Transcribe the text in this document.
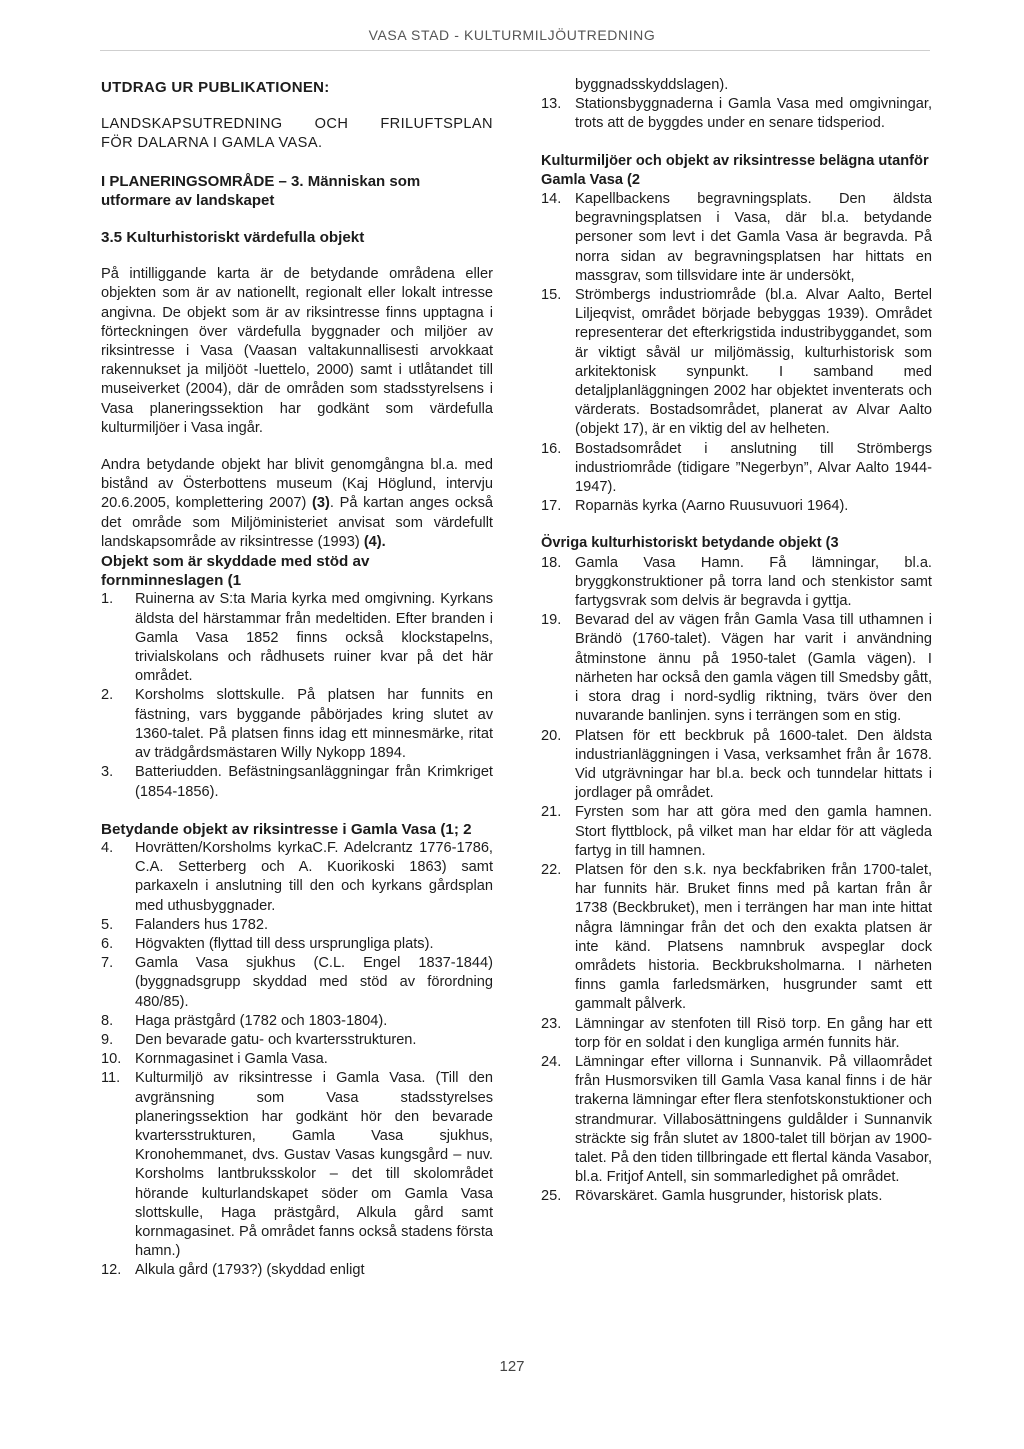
VASA STAD - KULTURMILJÖUTREDNING
UTDRAG UR PUBLIKATIONEN:
LANDSKAPSUTREDNING OCH FRILUFTSPLAN
FÖR DALARNA I GAMLA VASA.
I PLANERINGSOMRÅDE – 3. Människan som utformare av landskapet
3.5 Kulturhistoriskt värdefulla objekt

På intilliggande karta är de betydande områdena eller objekten som är av nationellt, regionalt eller lokalt intresse angivna. De objekt som är av riksintresse finns upptagna i förteckningen över värdefulla byggnader och miljöer av riksintresse i Vasa (Vaasan valtakunnallisesti arvokkaat rakennukset ja miljööt -luettelo, 2000) samt i utlåtandet till museiverket (2004), där de områden som stadsstyrelsens i Vasa planeringssektion har godkänt som värdefulla kulturmiljöer i Vasa ingår.

Andra betydande objekt har blivit genomgångna bl.a. med bistånd av Österbottens museum (Kaj Höglund, intervju 20.6.2005, komplettering 2007) (3). På kartan anges också det område som Miljöministeriet anvisat som värdefullt landskapsområde av riksintresse (1993) (4).

Objekt som är skyddade med stöd av fornminneslagen (1
1.	Ruinerna av S:ta Maria kyrka med omgivning. Kyrkans äldsta del härstammar från medeltiden. Efter branden i Gamla Vasa 1852 finns också klockstapelns, trivialskolans och rådhusets ruiner kvar på det här området.
2.	Korsholms slottskulle. På platsen har funnits en fästning, vars byggande påbörjades kring slutet av 1360-talet. På platsen finns idag ett minnesmärke, ritat av trädgårdsmästaren Willy Nykopp 1894.
3.	Batteriudden. Befästningsanläggningar från Krimkriget (1854-1856).
Betydande objekt av riksintresse i Gamla Vasa (1; 2
4.	Hovrätten/Korsholms kyrkaC.F. Adelcrantz 1776-1786, C.A. Setterberg och A. Kuorikoski 1863) samt parkaxeln i anslutning till den och kyrkans gårdsplan med uthusbyggnader.
5.	Falanders hus 1782.
6.	Högvakten (flyttad till dess ursprungliga plats).
7.	Gamla Vasa sjukhus (C.L. Engel 1837-1844) (byggnadsgrupp skyddad med stöd av förordning 480/85).
8.	Haga prästgård (1782 och 1803-1804).
9.	Den bevarade gatu- och kvartersstrukturen.
10. Kornmagasinet i Gamla Vasa.
11.	Kulturmiljö av riksintresse i Gamla Vasa. (Till den avgränsning som Vasa stadsstyrelses planeringssektion har godkänt hör den bevarade kvartersstrukturen, Gamla Vasa sjukhus, Kronohemmanet, dvs. Gustav Vasas kungsgård – nuv. Korsholms lantbruksskolor – det till skolområdet hörande kulturlandskapet söder om Gamla Vasa slottskulle, Haga prästgård, Alkula gård samt kornmagasinet. På området fanns också stadens första hamn.)
12. Alkula gård (1793?) (skyddad enligt
byggnadsskyddslagen).
13. Stationsbyggnaderna i Gamla Vasa med omgivningar, trots att de byggdes under en senare tidsperiod.
Kulturmiljöer och objekt av riksintresse belägna utanför Gamla Vasa (2
14. Kapellbackens begravningsplats. Den äldsta begravningsplatsen i Vasa, där bl.a. betydande personer som levt i det Gamla Vasa är begravda. På norra sidan av begravningsplatsen har hittats en massgrav, som tillsvidare inte är undersökt,
15. Strömbergs industriområde (bl.a. Alvar Aalto, Bertel Liljeqvist, området började bebyggas 1939). Området representerar det efterkrigstida industribyggandet, som är viktigt såväl ur miljömässig, kulturhistorisk som arkitektonisk synpunkt. I samband med detaljplanläggningen 2002 har objektet inventerats och värderats. Bostadsområdet, planerat av Alvar Aalto (objekt 17), är en viktig del av helheten.
16. Bostadsområdet i anslutning till Strömbergs industriområde (tidigare ”Negerbyn”, Alvar Aalto 1944-1947).
17. Roparnäs kyrka (Aarno Ruusuvuori 1964).
Övriga kulturhistoriskt betydande objekt (3
18. Gamla Vasa Hamn. Få lämningar, bl.a. bryggkonstruktioner på torra land och stenkistor samt fartygsvrak som delvis är begravda i gyttja.
19. Bevarad del av vägen från Gamla Vasa till uthamnen i Brändö (1760-talet). Vägen har varit i användning åtminstone ännu på 1950-talet (Gamla vägen). I närheten har också den gamla vägen till Smedsby gått, i stora drag i nord-sydlig riktning, tvärs över den nuvarande banlinjen. syns i terrängen som en stig.
20. Platsen för ett beckbruk på 1600-talet. Den äldsta industrianläggningen i Vasa, verksamhet från år 1678. Vid utgrävningar har bl.a. beck och tunndelar hittats i jordlager på området.
21. Fyrsten som har att göra med den gamla hamnen. Stort flyttblock, på vilket man har eldar för att vägleda fartyg in till hamnen.
22. Platsen för den s.k. nya beckfabriken från 1700-talet, har funnits här. Bruket finns med på kartan från år 1738 (Beckbruket), men i terrängen har man inte hittat några lämningar från det och den exakta platsen är inte känd. Platsens namnbruk avspeglar dock områdets historia. Beckbruksholmarna. I närheten finns gamla farledsmärken, husgrunder samt ett gammalt pålverk.
23. Lämningar av stenfoten till Risö torp. En gång har ett torp för en soldat i den kungliga armén funnits här.
24. Lämningar efter villorna i Sunnanvik. På villaområdet från Husmorsviken till Gamla Vasa kanal finns i de här trakerna lämningar efter flera stenfotskonstuktioner och strandmurar. Villabosättningens guldålder i Sunnanvik sträckte sig från slutet av 1800-talet till början av 1900-talet. På den tiden tillbringade ett flertal kända Vasabor, bl.a. Fritjof Antell, sin sommarledighet på området.
25. Rövarskäret. Gamla husgrunder, historisk plats.
127
